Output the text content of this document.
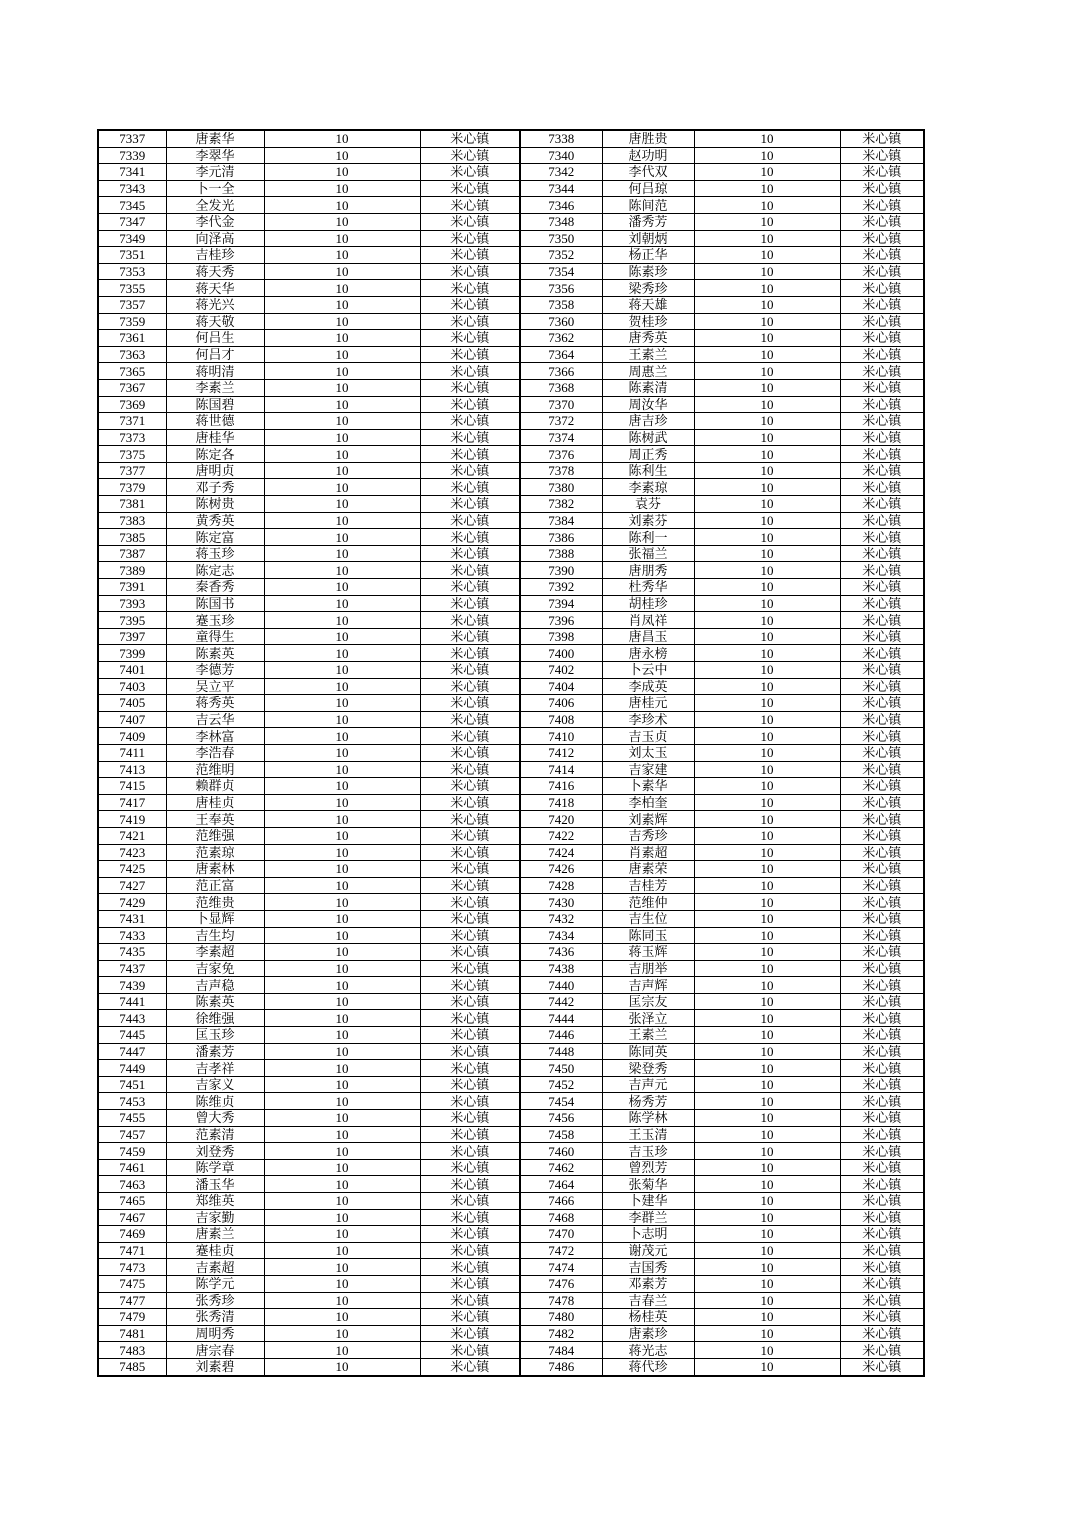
7337	唐素华	10	米心镇	7338	唐胜贵	10	米心镇
7339	李翠华	10	米心镇	7340	赵功明	10	米心镇
7341	李元清	10	米心镇	7342	李代双	10	米心镇
7343	卜一全	10	米心镇	7344	何吕琼	10	米心镇
7345	全发光	10	米心镇	7346	陈间范	10	米心镇
7347	李代金	10	米心镇	7348	潘秀芳	10	米心镇
7349	向泽高	10	米心镇	7350	刘朝炳	10	米心镇
7351	吉桂珍	10	米心镇	7352	杨正华	10	米心镇
7353	蒋天秀	10	米心镇	7354	陈素珍	10	米心镇
7355	蒋天华	10	米心镇	7356	梁秀珍	10	米心镇
7357	蒋光兴	10	米心镇	7358	蒋天雄	10	米心镇
7359	蒋天敬	10	米心镇	7360	贺桂珍	10	米心镇
7361	何吕生	10	米心镇	7362	唐秀英	10	米心镇
7363	何吕才	10	米心镇	7364	王素兰	10	米心镇
7365	蒋明清	10	米心镇	7366	周惠兰	10	米心镇
7367	李素兰	10	米心镇	7368	陈素清	10	米心镇
7369	陈国碧	10	米心镇	7370	周汝华	10	米心镇
7371	蒋世德	10	米心镇	7372	唐吉珍	10	米心镇
7373	唐桂华	10	米心镇	7374	陈树武	10	米心镇
7375	陈定各	10	米心镇	7376	周正秀	10	米心镇
7377	唐明贞	10	米心镇	7378	陈利生	10	米心镇
7379	邓子秀	10	米心镇	7380	李素琼	10	米心镇
7381	陈树贵	10	米心镇	7382	袁芬	10	米心镇
7383	黄秀英	10	米心镇	7384	刘素芬	10	米心镇
7385	陈定富	10	米心镇	7386	陈利一	10	米心镇
7387	蒋玉珍	10	米心镇	7388	张福兰	10	米心镇
7389	陈定志	10	米心镇	7390	唐朋秀	10	米心镇
7391	秦香秀	10	米心镇	7392	杜秀华	10	米心镇
7393	陈国书	10	米心镇	7394	胡桂珍	10	米心镇
7395	蹇玉珍	10	米心镇	7396	肖凤祥	10	米心镇
7397	童得生	10	米心镇	7398	唐昌玉	10	米心镇
7399	陈素英	10	米心镇	7400	唐永榜	10	米心镇
7401	李德芳	10	米心镇	7402	卜云中	10	米心镇
7403	吴立平	10	米心镇	7404	李成英	10	米心镇
7405	蒋秀英	10	米心镇	7406	唐桂元	10	米心镇
7407	吉云华	10	米心镇	7408	李珍术	10	米心镇
7409	李林富	10	米心镇	7410	吉玉贞	10	米心镇
7411	李浩春	10	米心镇	7412	刘太玉	10	米心镇
7413	范维明	10	米心镇	7414	吉家建	10	米心镇
7415	赖群贞	10	米心镇	7416	卜素华	10	米心镇
7417	唐桂贞	10	米心镇	7418	李柏奎	10	米心镇
7419	王奉英	10	米心镇	7420	刘素辉	10	米心镇
7421	范维强	10	米心镇	7422	吉秀珍	10	米心镇
7423	范素琼	10	米心镇	7424	肖素超	10	米心镇
7425	唐素林	10	米心镇	7426	唐素荣	10	米心镇
7427	范正富	10	米心镇	7428	吉桂芳	10	米心镇
7429	范维贵	10	米心镇	7430	范维仲	10	米心镇
7431	卜显辉	10	米心镇	7432	吉生位	10	米心镇
7433	吉生均	10	米心镇	7434	陈同玉	10	米心镇
7435	李素超	10	米心镇	7436	蒋玉辉	10	米心镇
7437	吉家免	10	米心镇	7438	吉朋举	10	米心镇
7439	吉声稳	10	米心镇	7440	吉声辉	10	米心镇
7441	陈素英	10	米心镇	7442	匡宗友	10	米心镇
7443	徐维强	10	米心镇	7444	张泽立	10	米心镇
7445	匡玉珍	10	米心镇	7446	王素兰	10	米心镇
7447	潘素芳	10	米心镇	7448	陈同英	10	米心镇
7449	吉孝祥	10	米心镇	7450	梁登秀	10	米心镇
7451	吉家义	10	米心镇	7452	吉声元	10	米心镇
7453	陈维贞	10	米心镇	7454	杨秀芳	10	米心镇
7455	曾大秀	10	米心镇	7456	陈学林	10	米心镇
7457	范素清	10	米心镇	7458	王玉清	10	米心镇
7459	刘登秀	10	米心镇	7460	吉玉珍	10	米心镇
7461	陈学章	10	米心镇	7462	曾烈芳	10	米心镇
7463	潘玉华	10	米心镇	7464	张菊华	10	米心镇
7465	郑维英	10	米心镇	7466	卜建华	10	米心镇
7467	吉家勤	10	米心镇	7468	李群兰	10	米心镇
7469	唐素兰	10	米心镇	7470	卜志明	10	米心镇
7471	蹇桂贞	10	米心镇	7472	谢茂元	10	米心镇
7473	吉素超	10	米心镇	7474	吉国秀	10	米心镇
7475	陈学元	10	米心镇	7476	邓素芳	10	米心镇
7477	张秀珍	10	米心镇	7478	吉春兰	10	米心镇
7479	张秀清	10	米心镇	7480	杨桂英	10	米心镇
7481	周明秀	10	米心镇	7482	唐素珍	10	米心镇
7483	唐宗春	10	米心镇	7484	蒋光志	10	米心镇
7485	刘素碧	10	米心镇	7486	蒋代珍	10	米心镇
